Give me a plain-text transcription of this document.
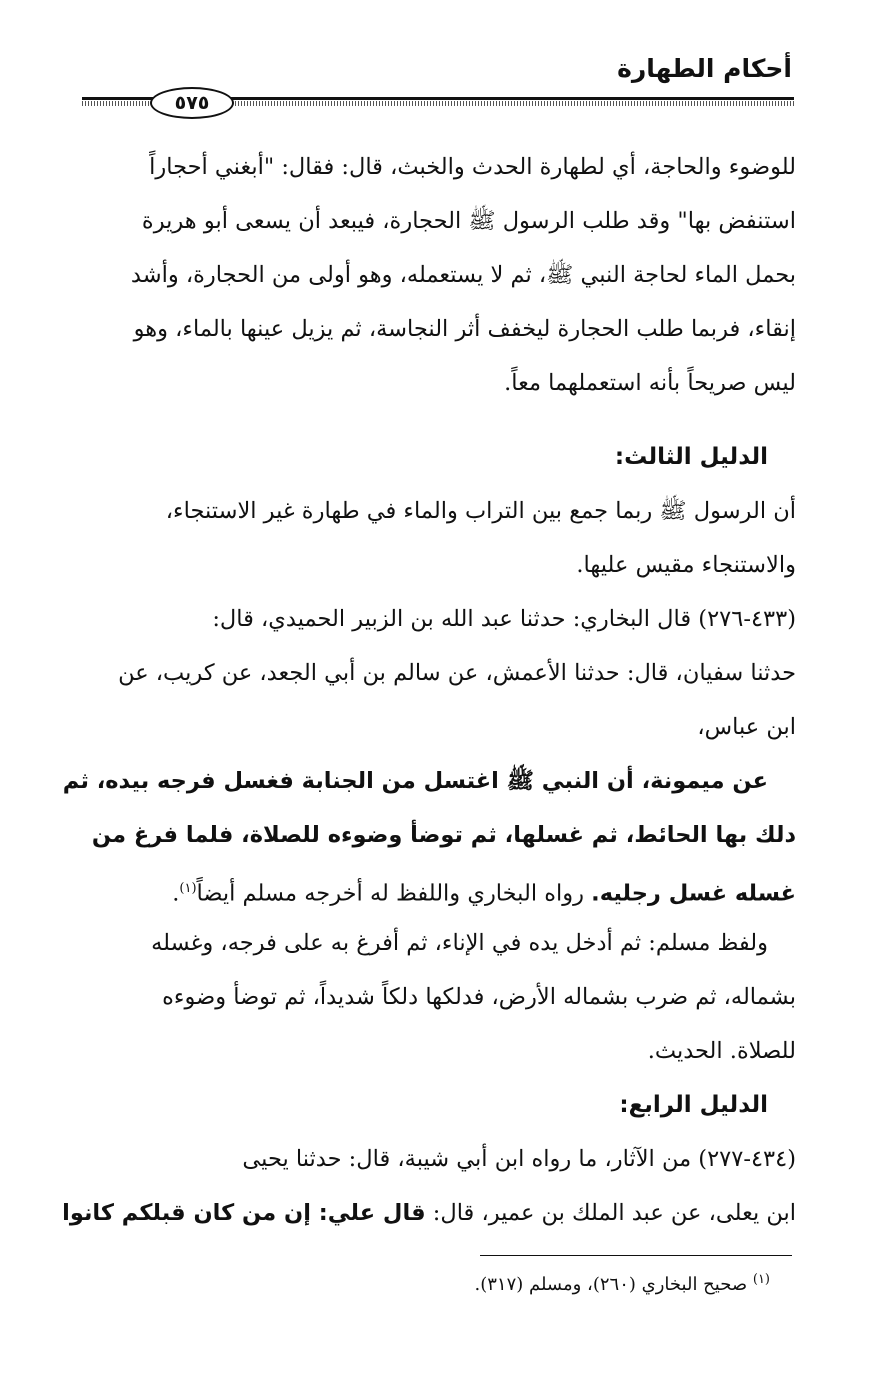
أحكام الطهارة
٥٧٥
للوضوء والحاجة، أي لطهارة الحدث والخبث، قال: فقال: "أبغني أحجاراً
استنفض بها" وقد طلب الرسول ﷺ الحجارة، فيبعد أن يسعى أبو هريرة
بحمل الماء لحاجة النبي ﷺ، ثم لا يستعمله، وهو أولى من الحجارة، وأشد
إنقاء، فربما طلب الحجارة ليخفف أثر النجاسة، ثم يزيل عينها بالماء، وهو
ليس صريحاً بأنه استعملهما معاً.
الدليل الثالث:
أن الرسول ﷺ ربما جمع بين التراب والماء في طهارة غير الاستنجاء،
والاستنجاء مقيس عليها.
(٤٣٣-٢٧٦) قال البخاري: حدثنا عبد الله بن الزبير الحميدي، قال:
حدثنا سفيان، قال: حدثنا الأعمش، عن سالم بن أبي الجعد، عن كريب، عن
ابن عباس،
عن ميمونة، أن النبي ﷺ اغتسل من الجنابة فغسل فرجه بيده، ثم
دلك بها الحائط، ثم غسلها، ثم توضأ وضوءه للصلاة، فلما فرغ من
غسله غسل رجليه. رواه البخاري واللفظ له أخرجه مسلم أيضاً$^{(١)}$.
ولفظ مسلم: ثم أدخل يده في الإناء، ثم أفرغ به على فرجه، وغسله
بشماله، ثم ضرب بشماله الأرض، فدلكها دلكاً شديداً، ثم توضأ وضوءه
للصلاة. الحديث.
الدليل الرابع:
(٤٣٤-٢٧٧) من الآثار، ما رواه ابن أبي شيبة، قال: حدثنا يحيى
ابن يعلى، عن عبد الملك بن عمير، قال: قال علي: إن من كان قبلكم كانوا
$^{(١)}$ صحيح البخاري (٢٦٠)، ومسلم (٣١٧).
